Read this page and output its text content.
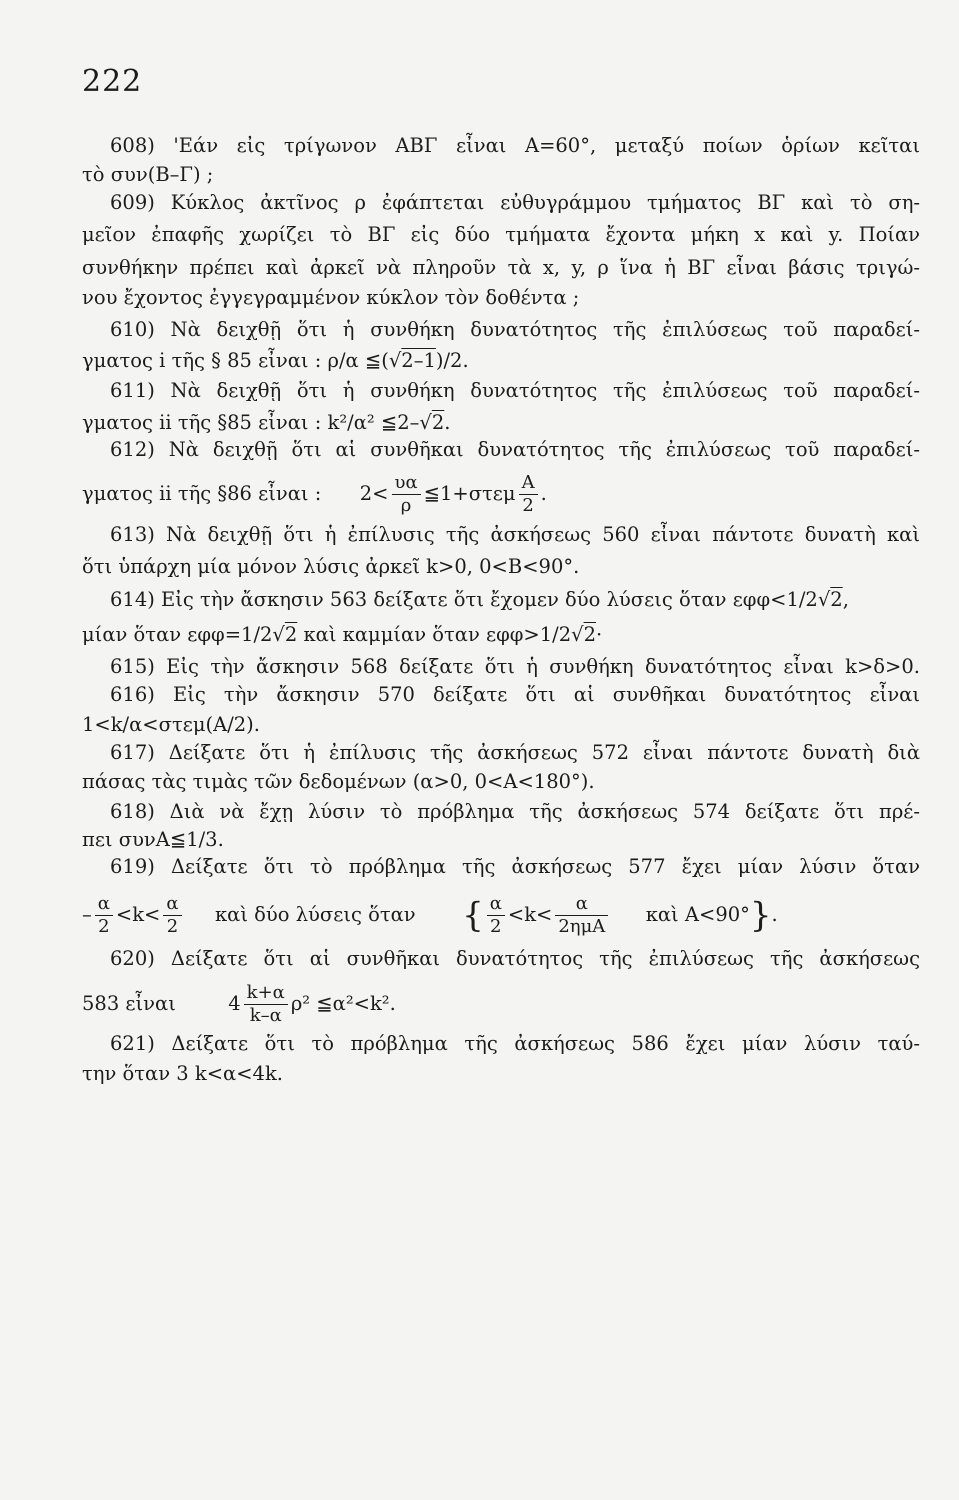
222
608) 'Εάν εἰς τρίγωνον ΑΒΓ εἶναι Α=60°, μεταξύ ποίων ὁρίων κεῖται
τὸ συν(Β–Γ) ;
609) Κύκλος ἀκτῖνος ρ ἐφάπτεται εὐθυγράμμου τμήματος ΒΓ καὶ τὸ ση-
μεῖον ἐπαφῆς χωρίζει τὸ ΒΓ εἰς δύο τμήματα ἔχοντα μήκη x καὶ y. Ποίαν
συνθήκην πρέπει καὶ ἀρκεῖ νὰ πληροῦν τὰ x, y, ρ ἵνα ἡ ΒΓ εἶναι βάσις τριγώ-
νου ἔχοντος ἐγγεγραμμένον κύκλον τὸν δοθέντα ;
610) Νὰ δειχθῇ ὅτι ἡ συνθήκη δυνατότητος τῆς ἐπιλύσεως τοῦ παραδεί-
γματος i τῆς § 85 εἶναι : ρ/α ≦(√2–1)/2.
611) Νὰ δειχθῇ ὅτι ἡ συνθήκη δυνατότητος τῆς ἐπιλύσεως τοῦ παραδεί-
γματος ii τῆς §85 εἶναι : k²/α² ≦2–√2.
612) Νὰ δειχθῇ ὅτι αἱ συνθῆκαι δυνατότητος τῆς ἐπιλύσεως τοῦ παραδεί-
γματος ii τῆς §86 εἶναι : $2< \frac{\upsilon\alpha}{\rho}$ ≦1+στεμ $\frac{A}{2}$ .
613) Νὰ δειχθῇ ὅτι ἡ ἐπίλυσις τῆς ἀσκήσεως 560 εἶναι πάντοτε δυνατὴ καὶ
ὅτι ὑπάρχη μία μόνον λύσις ἀρκεῖ k>0, 0<Β<90°.
614) Εἰς τὴν ἄσκησιν 563 δείξατε ὅτι ἔχομεν δύο λύσεις ὅταν εφφ<1/2√2,
μίαν ὅταν εφφ=1/2√2 καὶ καμμίαν ὅταν εφφ>1/2√2·
615) Εἰς τὴν ἄσκησιν 568 δείξατε ὅτι ἡ συνθήκη δυνατότητος εἶναι k>δ>0.
616) Εἰς τὴν ἄσκησιν 570 δείξατε ὅτι αἱ συνθῆκαι δυνατότητος εἶναι
1<k/α<στεμ(Α/2).
617) Δείξατε ὅτι ἡ ἐπίλυσις τῆς ἀσκήσεως 572 εἶναι πάντοτε δυνατὴ διὰ
πάσας τὰς τιμὰς τῶν δεδομένων (α>0, 0<Α<180°).
618) Διὰ νὰ ἔχῃ λύσιν τὸ πρόβλημα τῆς ἀσκήσεως 574 δείξατε ὅτι πρέ-
πει συνΑ≦1/3.
619) Δείξατε ὅτι τὸ πρόβλημα τῆς ἀσκήσεως 577 ἔχει μίαν λύσιν ὅταν
– $\frac{\alpha}{2} <k< \frac{\alpha}{2}$ καὶ δύο λύσεις ὅταν { $\frac{\alpha}{2} <k< \frac{\alpha}{\text{2ημΑ}}$ καὶ Α<90°}.
620) Δείξατε ὅτι αἱ συνθῆκαι δυνατότητος τῆς ἐπιλύσεως τῆς ἀσκήσεως
583 εἶναι	$4 \frac{k+\alpha}{k-\alpha} \rho^2$ ≦α²<k².
621) Δείξατε ὅτι τὸ πρόβλημα τῆς ἀσκήσεως 586 ἔχει μίαν λύσιν ταύ-
την ὅταν 3 k<α<4k.
